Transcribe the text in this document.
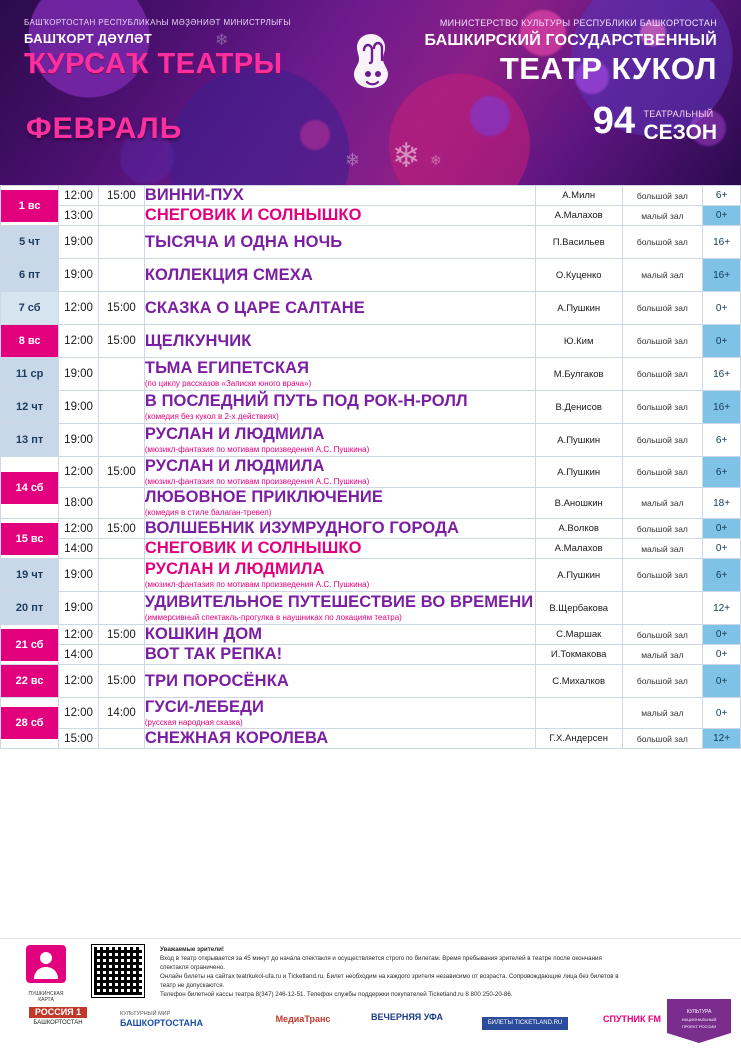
❄
❄	❄
❄
БАШҠОРТОСТАН РЕСПУБЛИКАҺЫ МӘҘӘНИӘТ МИНИСТРЛЫҒЫ
БАШҠОРТ ДӘҮЛӘТ
ҠУРСАҠ ТЕАТРЫ
МИНИСТЕРСТВО КУЛЬТУРЫ РЕСПУБЛИКИ БАШКОРТОСТАН
БАШКИРСКИЙ ГОСУДАРСТВЕННЫЙ
ТЕАТР КУКОЛ
ФЕВРАЛЬ	94 ТЕАТРАЛЬНЫЙ
СЕЗОН
1 вс	12:00	15:00	ВИННИ-ПУХ	А.Милн	большой зал	6+
	13:00		СНЕГОВИК И СОЛНЫШКО	А.Малахов	малый зал	0+

5 чт	19:00		ТЫСЯЧА И ОДНА НОЧЬ	П.Васильев	большой зал	16+

6 пт	19:00		КОЛЛЕКЦИЯ СМЕХА	О.Куценко	малый зал	16+

7 сб	12:00	15:00	СКАЗКА О ЦАРЕ САЛТАНЕ	А.Пушкин	большой зал	0+

8 вс	12:00	15:00	ЩЕЛКУНЧИК	Ю.Ким	большой зал	0+

11 ср	19:00		ТЬМА ЕГИПЕТСКАЯ
(по циклу рассказов «Записки юного врача»)	М.Булгаков	большой зал	16+

12 чт	19:00		В ПОСЛЕДНИЙ ПУТЬ ПОД РОК-Н-РОЛЛ
(комедия без кукол в 2-х действиях)	В.Денисов	большой зал	16+

13 пт	19:00		РУСЛАН И ЛЮДМИЛА
(мюзикл-фантазия по мотивам произведения А.С. Пушкина)	А.Пушкин	большой зал	6+

14 сб	12:00	15:00	РУСЛАН И ЛЮДМИЛА
(мюзикл-фантазия по мотивам произведения А.С. Пушкина)	А.Пушкин	большой зал	6+
	18:00		ЛЮБОВНОЕ ПРИКЛЮЧЕНИЕ
(комедия в стиле балаган-тревел)	В.Аношкин	малый зал	18+

15 вс	12:00	15:00	ВОЛШЕБНИК ИЗУМРУДНОГО ГОРОДА	А.Волков	большой зал	0+
	14:00		СНЕГОВИК И СОЛНЫШКО	А.Малахов	малый зал	0+

19 чт	19:00		РУСЛАН И ЛЮДМИЛА
(мюзикл-фантазия по мотивам произведения А.С. Пушкина)	А.Пушкин	большой зал	6+

20 пт	19:00		УДИВИТЕЛЬНОЕ ПУТЕШЕСТВИЕ ВО ВРЕМЕНИ
(иммерсивный спектакль-прогулка в наушниках по локациям театра)	В.Щербакова		12+

21 сб	12:00	15:00	КОШКИН ДОМ	С.Маршак	большой зал	0+
	14:00		ВОТ ТАК РЕПКА!	И.Токмакова	малый зал	0+

22 вс	12:00	15:00	ТРИ ПОРОСЁНКА	С.Михалков	большой зал	0+

28 сб	12:00	14:00	ГУСИ-ЛЕБЕДИ
(русская народная сказка)		малый зал	0+
	15:00		СНЕЖНАЯ КОРОЛЕВА	Г.Х.Андерсен	большой зал	12+
ПУШКИНСКАЯ КАРТА
Уважаемые зрители!
Вход в театр открывается за 45 минут до начала спектакля и осуществляется строго по билетам. Время пребывания зрителей в театре после окончания спектакля ограничено.
Онлайн билеты на сайтах teatrkukol-ufa.ru и Ticketland.ru. Билет необходим на каждого зрителя независимо от возраста. Сопровождающие лица без билетов в театр не допускаются.
Телефон билетной кассы театра 8(347) 246-12-51. Телефон службы поддержки покупателей Ticketland.ru 8 800 250-20-86.
РОССИЯ 1
БАШКОРТОСТАН
КУЛЬТУРНЫЙ МИР
БАШКОРТОСТАНА	МедиаТранс	ВЕЧЕРНЯЯ УФА
БИЛЕТЫ TICKETLAND.RU	СПУТНИК FM
КУЛЬТУРА
НАЦИОНАЛЬНЫЙ
ПРОЕКТ РОССИИ
